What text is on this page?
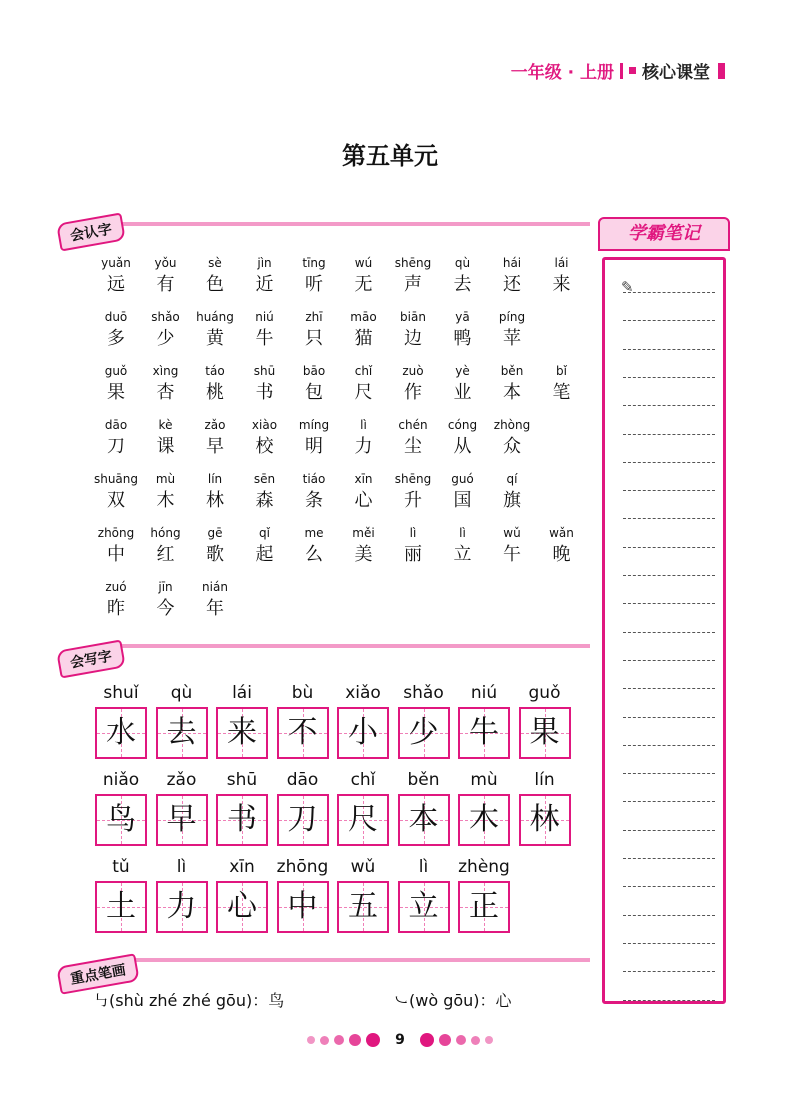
一年级 · 上册 核心课堂
第五单元
会认字
yuǎn
远
yǒu
有
sè
色
jìn
近
tīng
听
wú
无
shēng
声
qù
去
hái
还
lái
来
duō
多
shǎo
少
huáng
黄
niú
牛
zhī
只
māo
猫
biān
边
yā
鸭
píng
苹
guǒ
果
xìng
杏
táo
桃
shū
书
bāo
包
chǐ
尺
zuò
作
yè
业
běn
本
bǐ
笔
dāo
刀
kè
课
zǎo
早
xiào
校
míng
明
lì
力
chén
尘
cóng
从
zhòng
众
shuāng
双
mù
木
lín
林
sēn
森
tiáo
条
xīn
心
shēng
升
guó
国
qí
旗
zhōng
中
hóng
红
gē
歌
qǐ
起
me
么
měi
美
lì
丽
lì
立
wǔ
午
wǎn
晚
zuó
昨
jīn
今
nián
年
会写字
shuǐ
水
qù
去
lái
来
bù
不
xiǎo
小
shǎo
少
niú
牛
guǒ
果
niǎo
鸟
zǎo
早
shū
书
dāo
刀
chǐ
尺
běn
本
mù
木
lín
林
tǔ
土
lì
力
xīn
心
zhōng
中
wǔ
五
lì
立
zhèng
正
重点笔画
㇉(shù zhé zhé gōu)：鸟	㇃(wò gōu)：心
9
学霸笔记
✎
